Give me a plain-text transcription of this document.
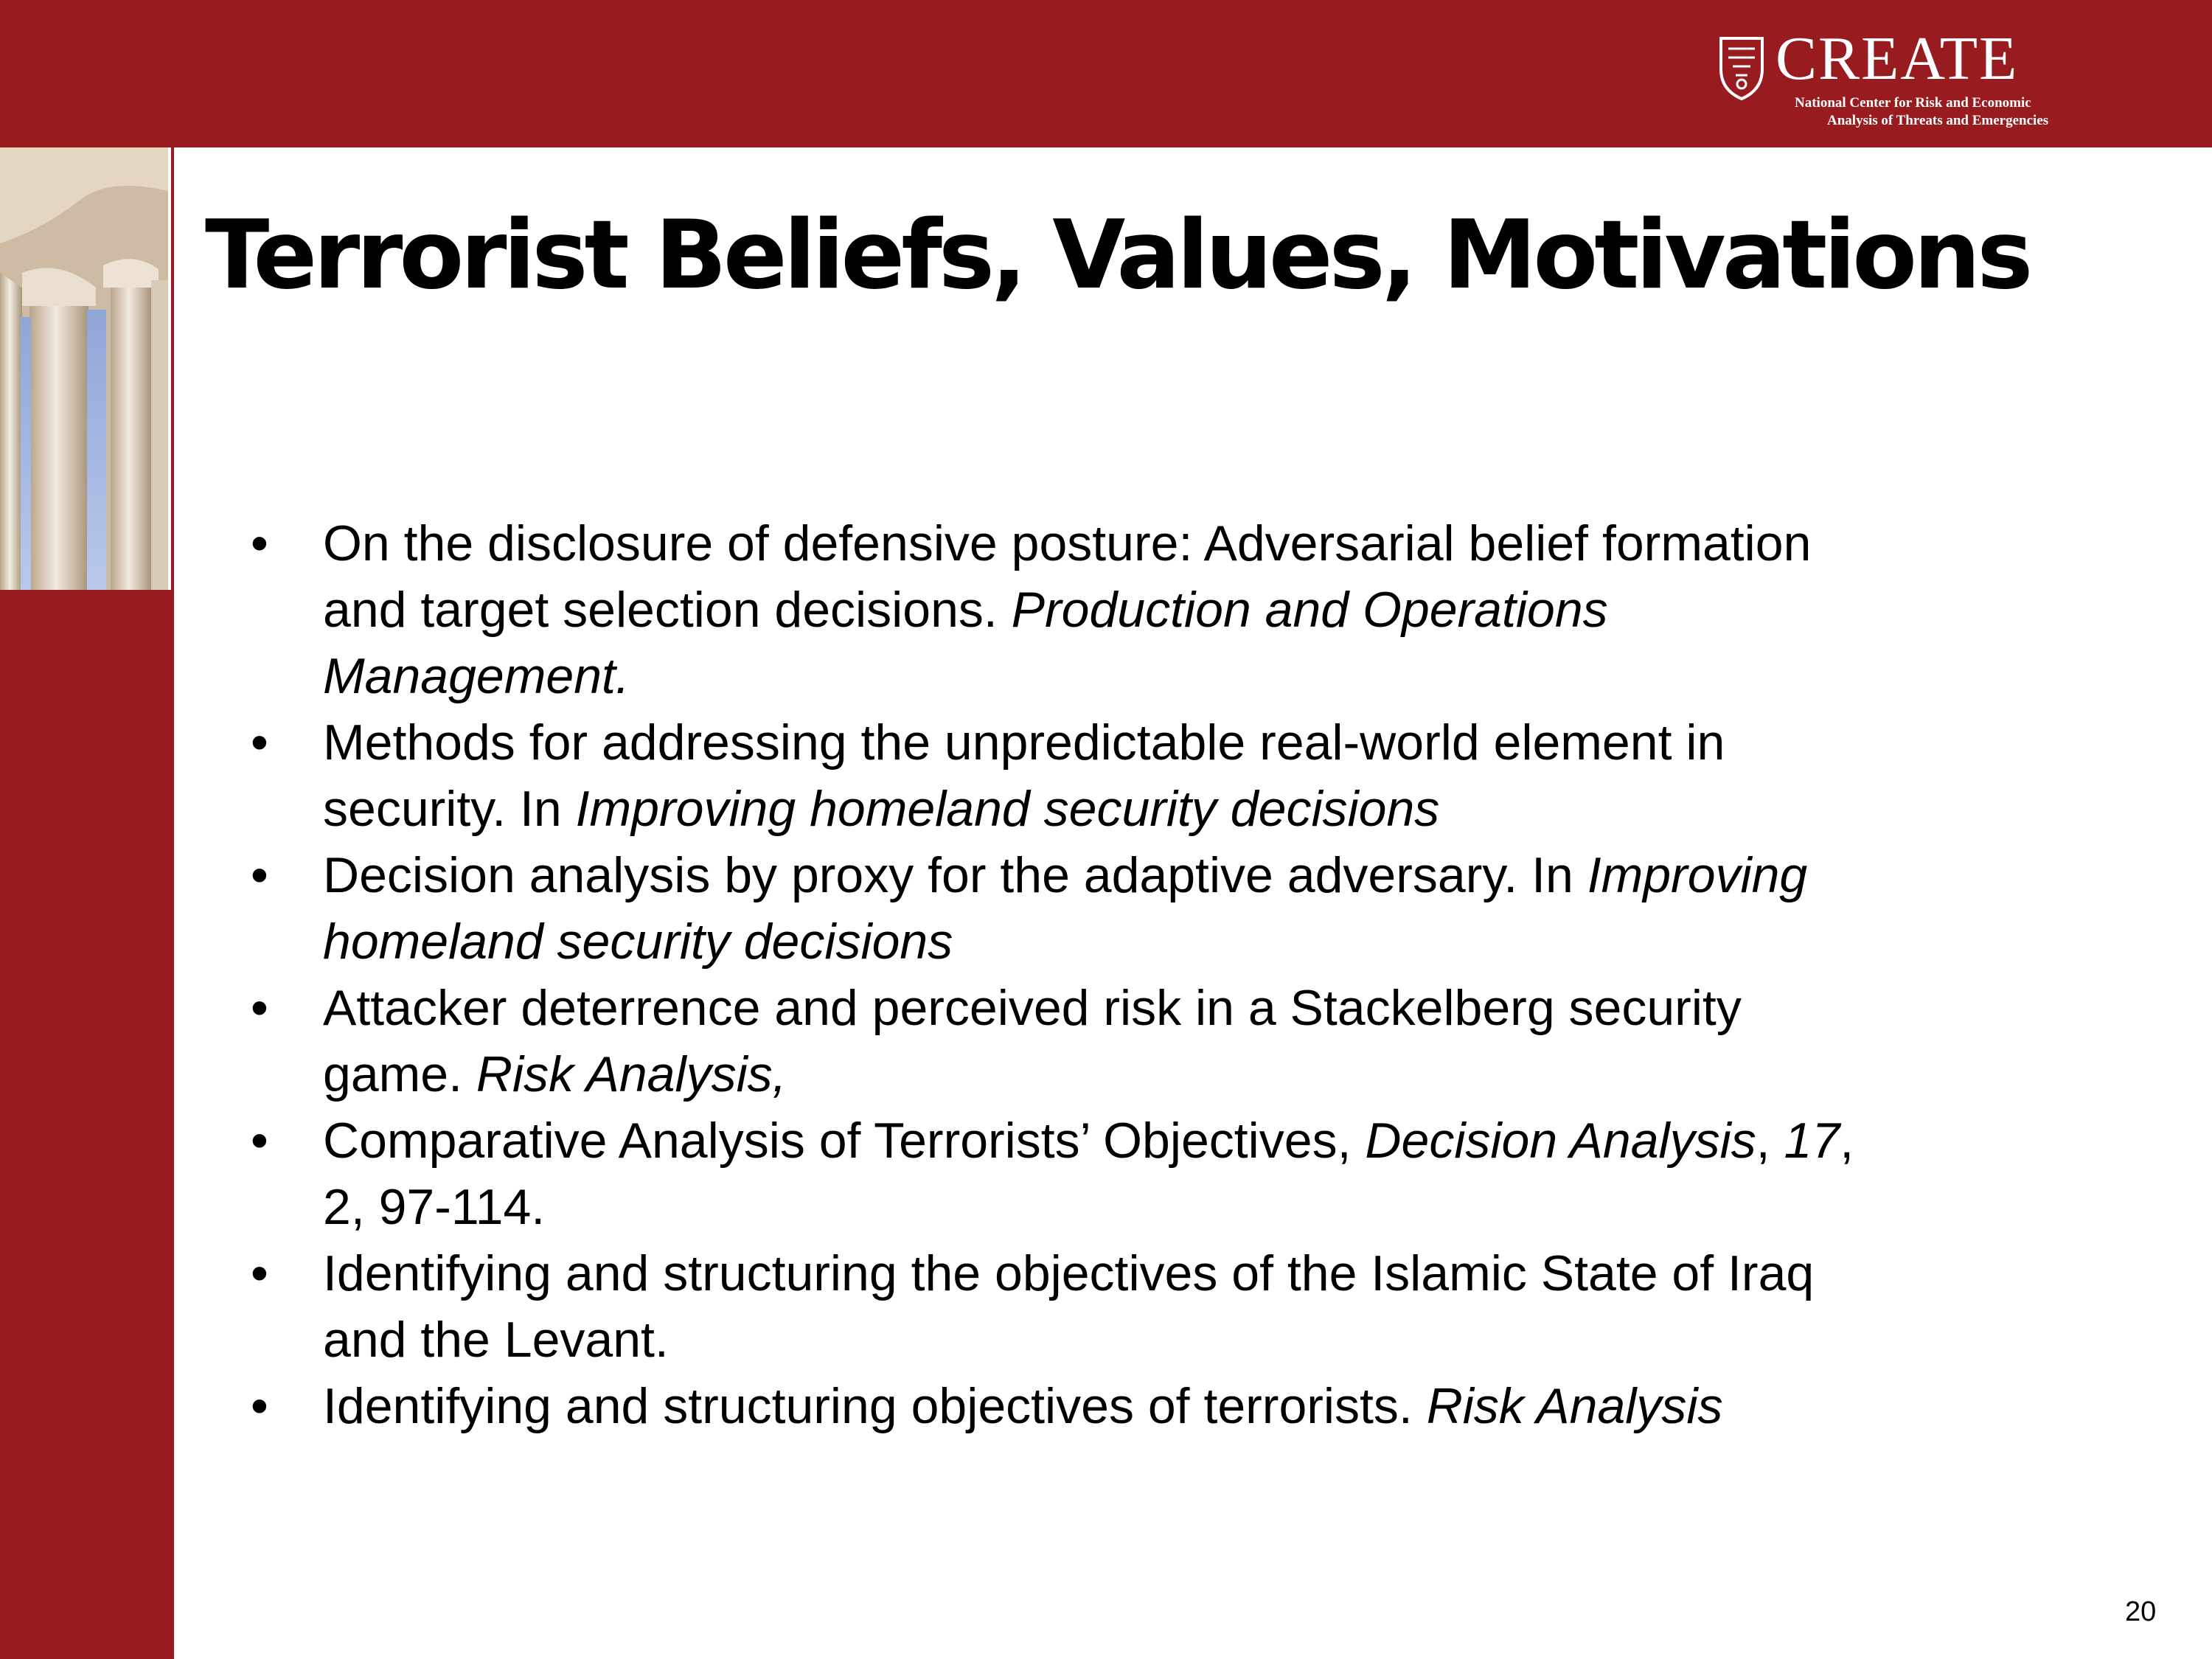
CREATE
National Center for Risk and Economic
Analysis of Threats and Emergencies
Terrorist Beliefs, Values, Motivations
• On the disclosure of defensive posture: Adversarial belief formation
and target selection decisions. Production and Operations
Management.
• Methods for addressing the unpredictable real-world element in
security. In Improving homeland security decisions
• Decision analysis by proxy for the adaptive adversary. In Improving
homeland security decisions
• Attacker deterrence and perceived risk in a Stackelberg security
game. Risk Analysis,
• Comparative Analysis of Terrorists’ Objectives, Decision Analysis, 17,
2, 97-114.
• Identifying and structuring the objectives of the Islamic State of Iraq
and the Levant.
• Identifying and structuring objectives of terrorists. Risk Analysis
20
